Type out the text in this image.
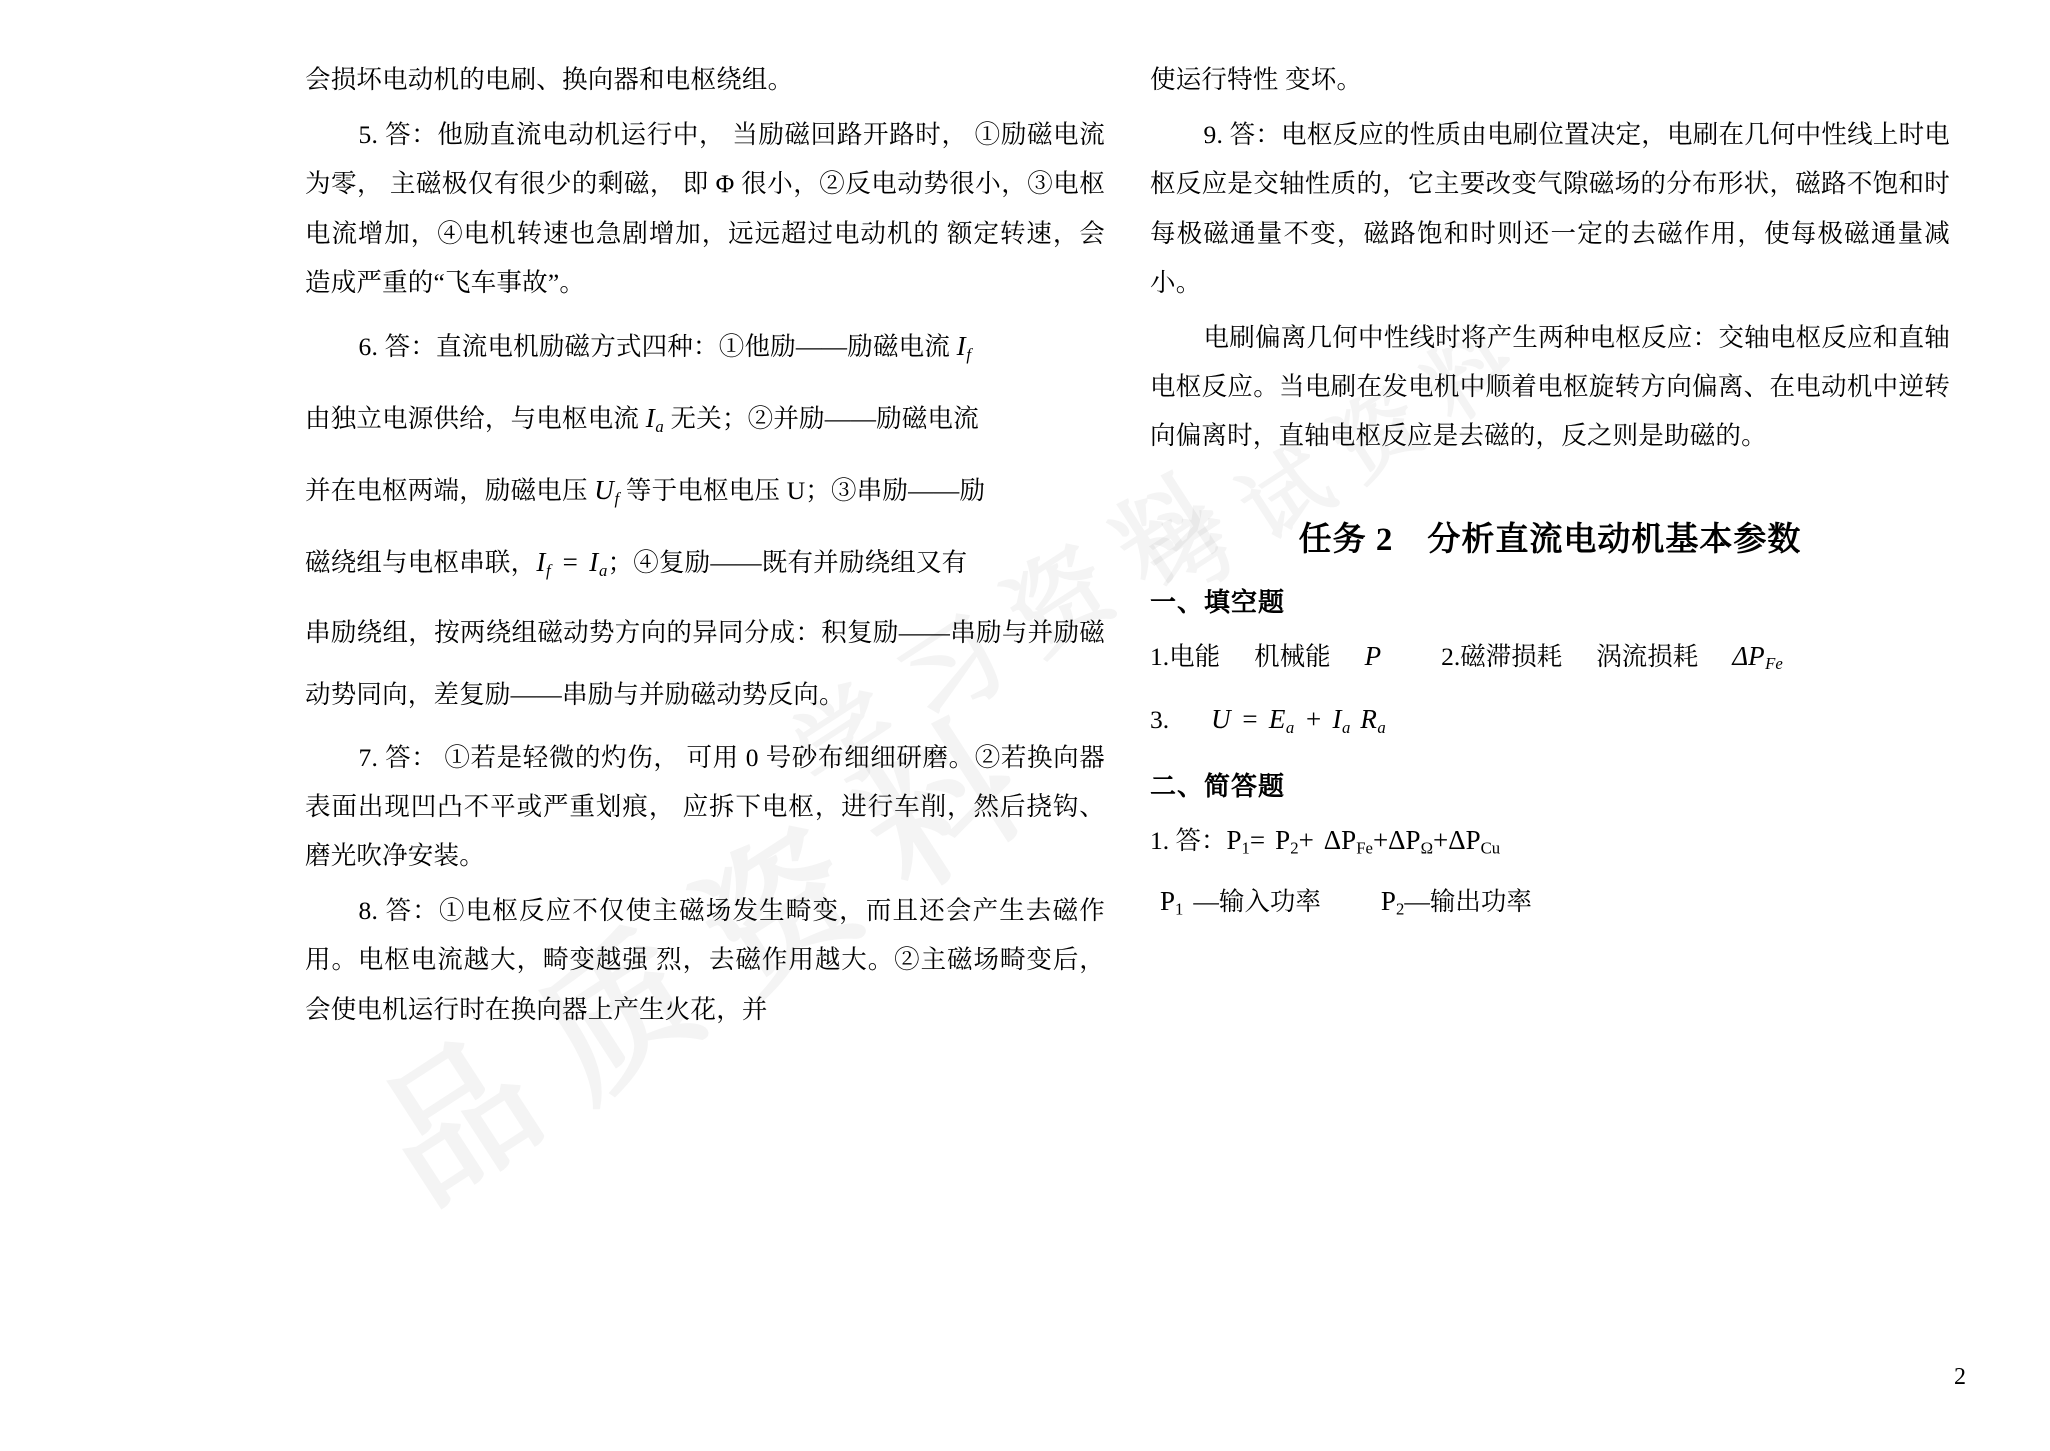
会损坏电动机的电刷、换向器和电枢绕组。

5. 答：他励直流电动机运行中， 当励磁回路开路时， ①励磁电流为零， 主磁极仅有很少的剩磁， 即 Φ 很小，②反电动势很小，③电枢电流增加，④电机转速也急剧增加，远远超过电动机的 额定转速，会造成严重的“飞车事故”。

6. 答：直流电机励磁方式四种：①他励——励磁电流 $I_f$

由独立电源供给，与电枢电流 $I_a$ 无关；②并励——励磁电流

并在电枢两端，励磁电压 $U_f$ 等于电枢电压 U；③串励——励

磁绕组与电枢串联，$I_f = I_a$；④复励——既有并励绕组又有

串励绕组，按两绕组磁动势方向的异同分成：积复励——串励与并励磁动势同向，差复励——串励与并励磁动势反向。

7. 答： ①若是轻微的灼伤， 可用 0 号砂布细细研磨。②若换向器表面出现凹凸不平或严重划痕， 应拆下电枢，进行车削，然后挠钩、磨光吹净安装。

8. 答：①电枢反应不仅使主磁场发生畸变，而且还会产生去磁作用。电枢电流越大，畸变越强 烈，去磁作用越大。②主磁场畸变后，会使电机运行时在换向器上产生火花，并

使运行特性 变坏。

9. 答：电枢反应的性质由电刷位置决定，电刷在几何中性线上时电枢反应是交轴性质的，它主要改变气隙磁场的分布形状，磁路不饱和时每极磁通量不变，磁路饱和时则还一定的去磁作用，使每极磁通量减小。

电刷偏离几何中性线时将产生两种电枢反应：交轴电枢反应和直轴电枢反应。当电刷在发电机中顺着电枢旋转方向偏离、在电动机中逆转向偏离时，直轴电枢反应是去磁的，反之则是助磁的。

任务 2　分析直流电动机基本参数
一、填空题

1.电能 机械能 P 2.磁滞损耗 涡流损耗 $\Delta P_{Fe}$

3. $U = E_a + I_a$ $R_a$

二、简答题

1. 答：$P_1= P_2+ \Delta P_{Fe}+\Delta P_\Omega+\Delta P_{Cu}$

$P_1$ —输入功率 $P_2—$输出功率

2
